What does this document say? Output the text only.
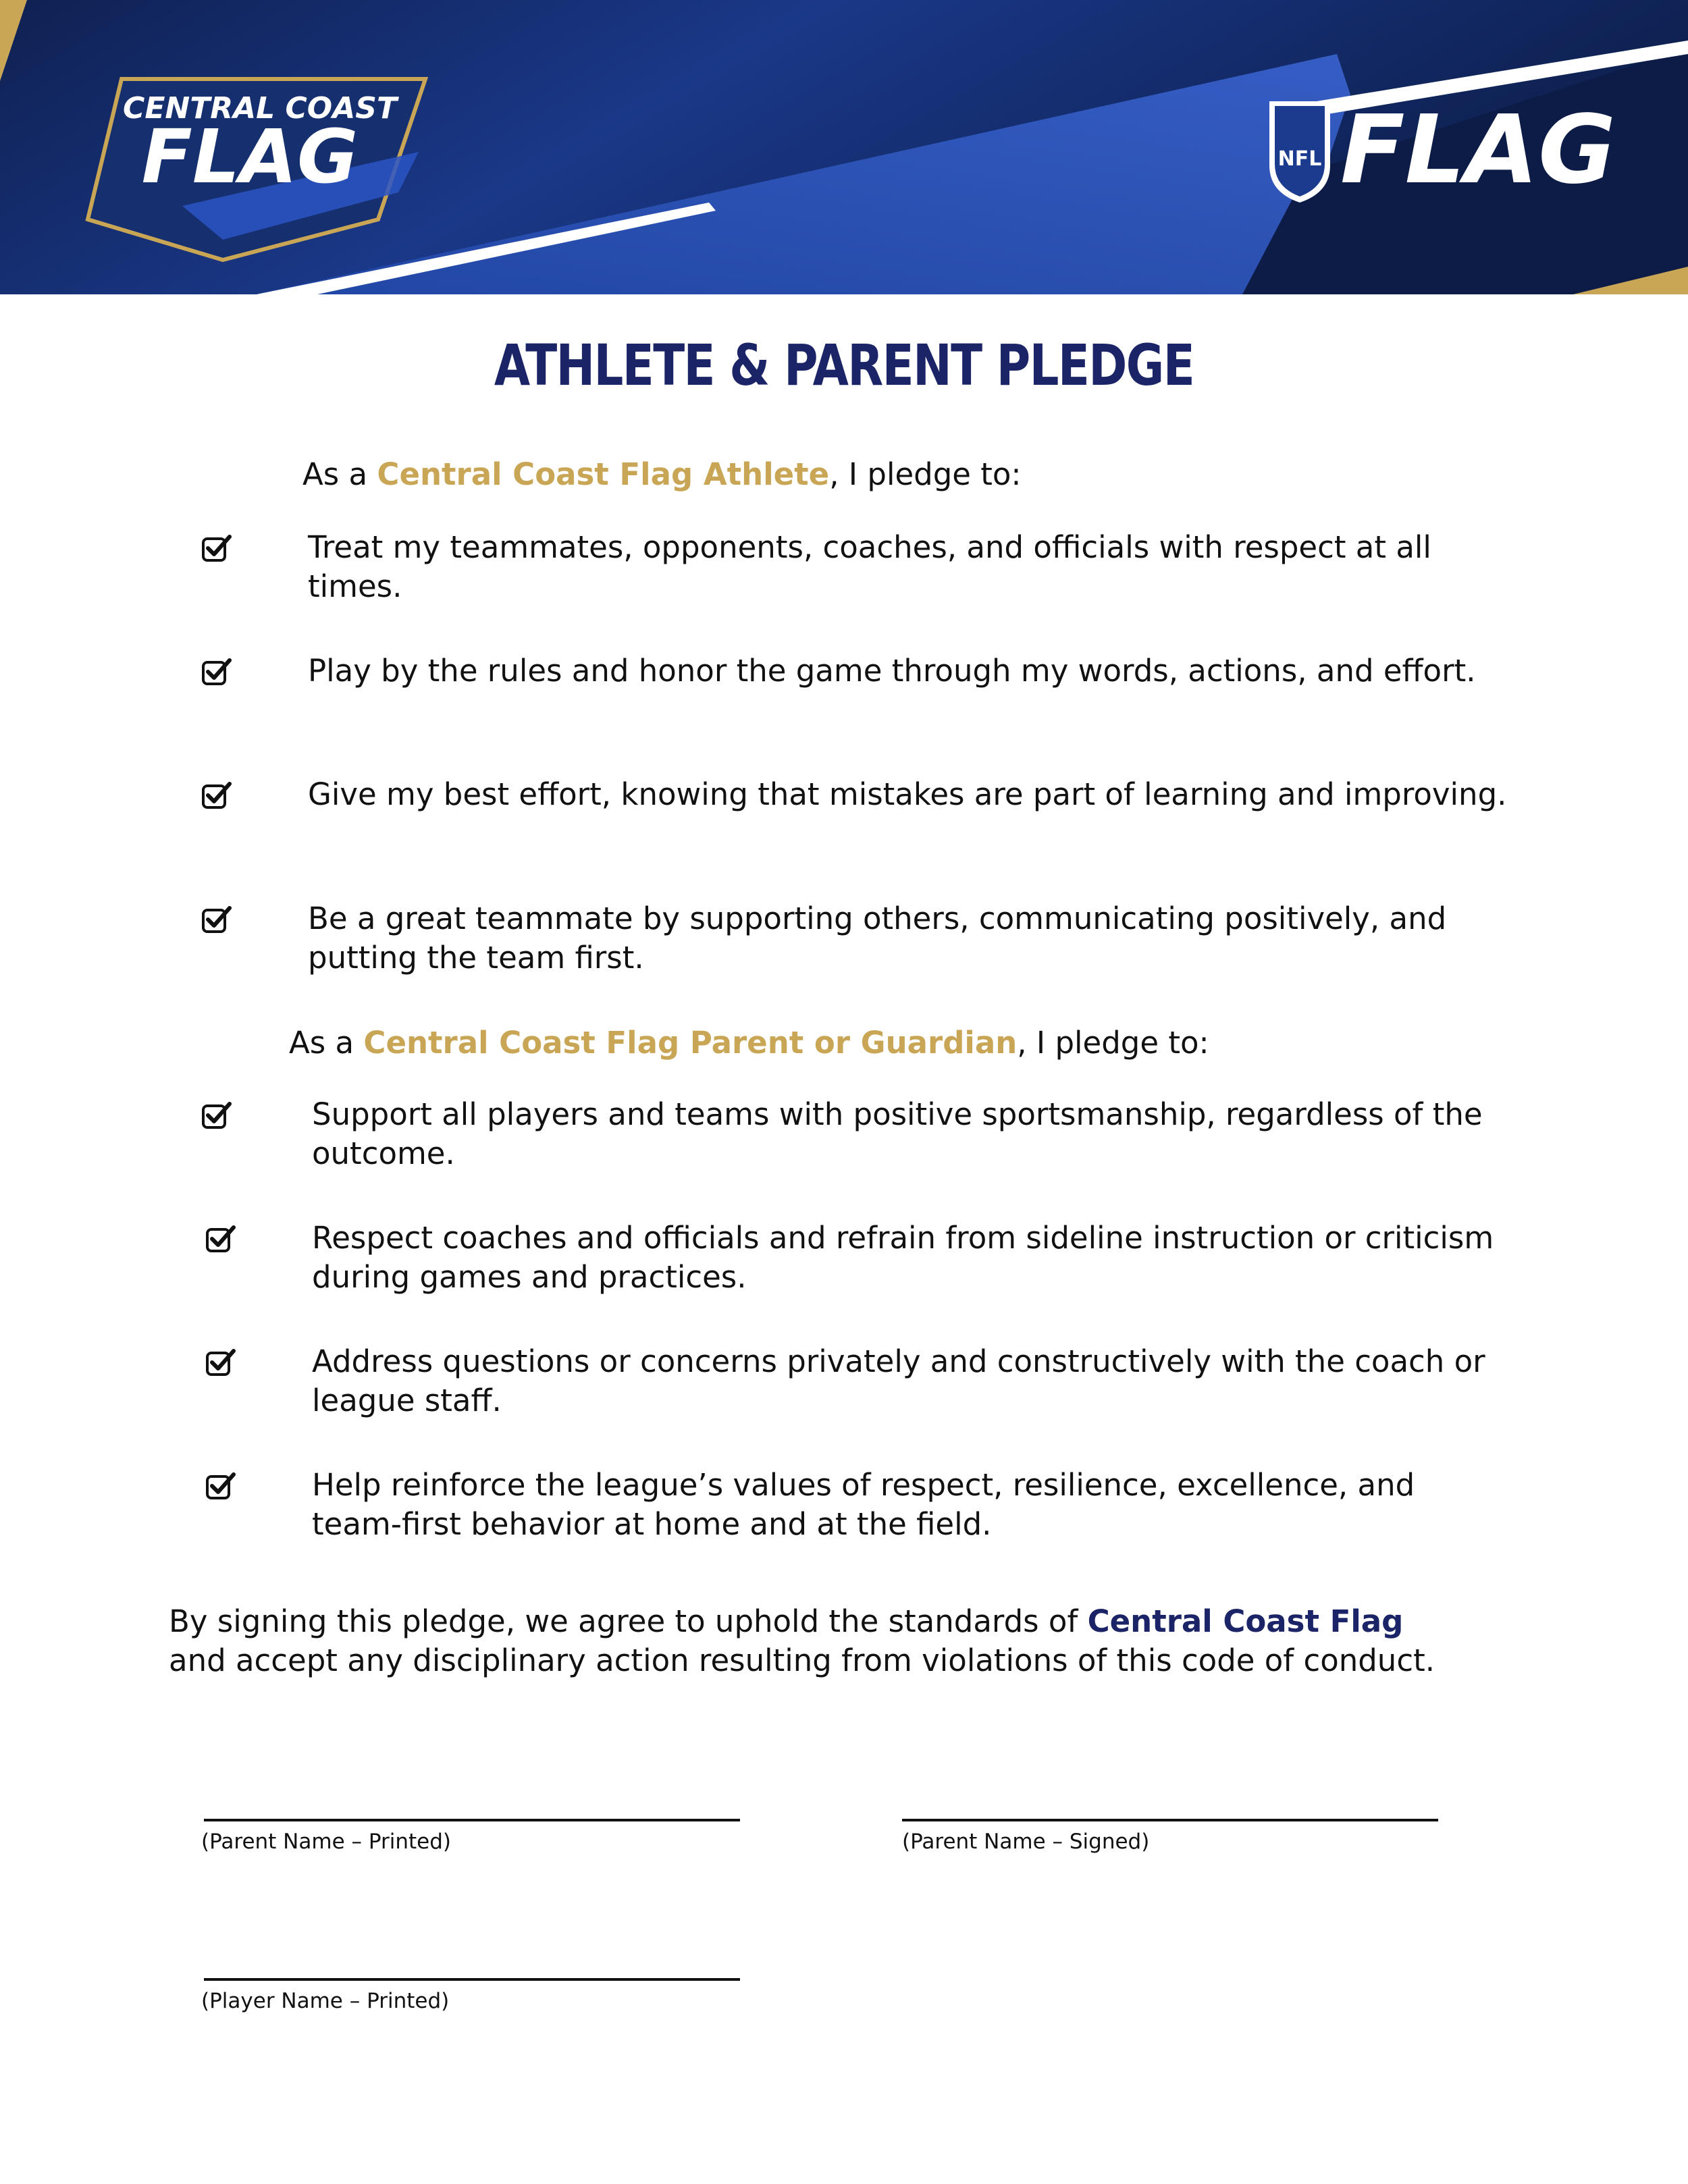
CENTRAL COAST
FLAG	NFL FLAG
ATHLETE & PARENT PLEDGE
As a Central Coast Flag Athlete, I pledge to:
Treat my teammates, opponents, coaches, and officials with respect at all times.
Play by the rules and honor the game through my words, actions, and effort.
Give my best effort, knowing that mistakes are part of learning and improving.
Be a great teammate by supporting others, communicating positively, and putting the team first.
As a Central Coast Flag Parent or Guardian, I pledge to:
Support all players and teams with positive sportsmanship, regardless of the outcome.
Respect coaches and officials and refrain from sideline instruction or criticism during games and practices.
Address questions or concerns privately and constructively with the coach or league staff.
Help reinforce the league’s values of respect, resilience, excellence, and team-first behavior at home and at the field.
By signing this pledge, we agree to uphold the standards of Central Coast Flag and accept any disciplinary action resulting from violations of this code of conduct.
(Parent Name – Printed)	(Parent Name – Signed)
(Player Name – Printed)
